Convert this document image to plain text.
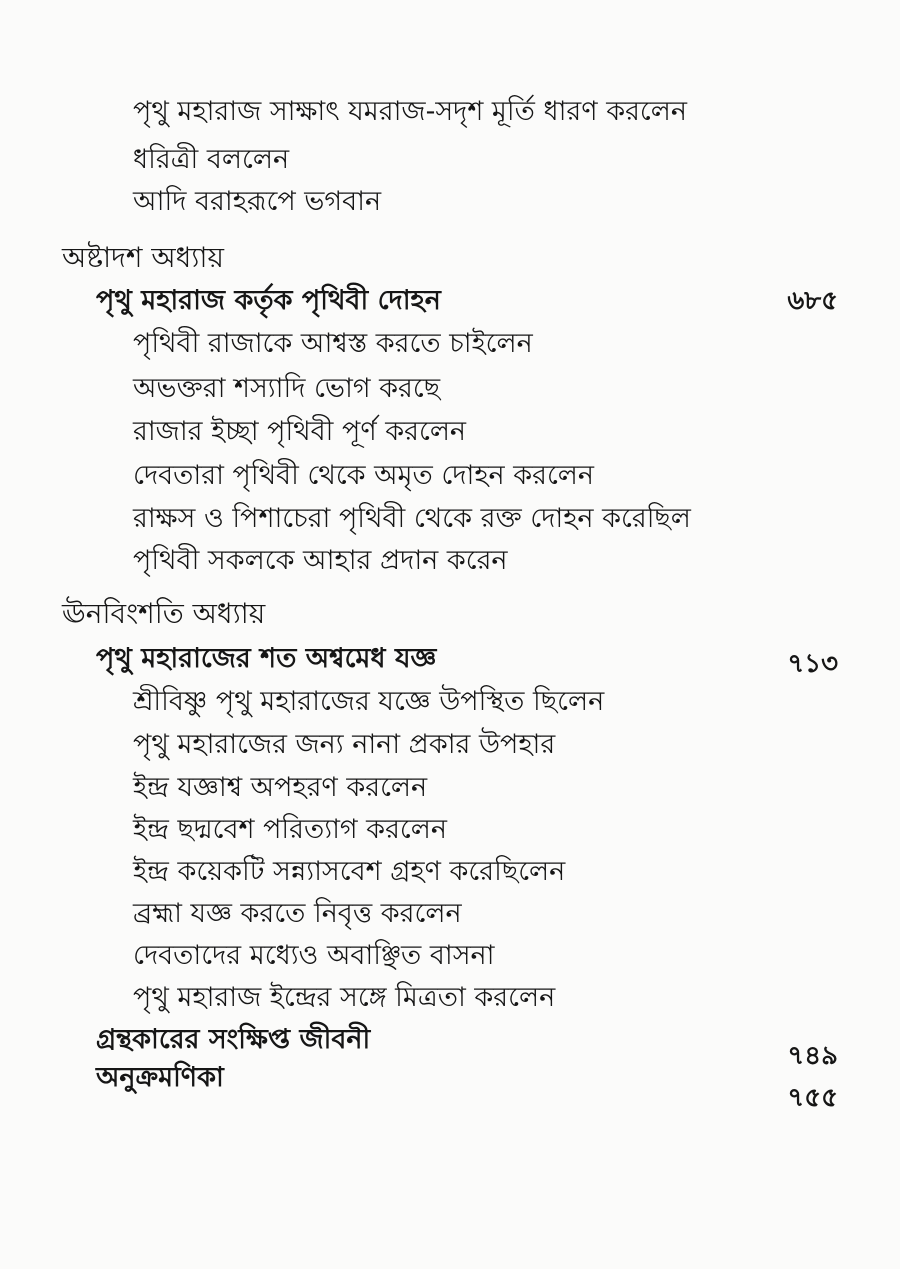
পৃথু মহারাজ সাক্ষাৎ যমরাজ-সদৃশ মূর্তি ধারণ করলেন
ধরিত্রী বললেন
আদি বরাহরূপে ভগবান
অষ্টাদশ অধ্যায়
পৃথু মহারাজ কর্তৃক পৃথিবী দোহন	৬৮৫
পৃথিবী রাজাকে আশ্বস্ত করতে চাইলেন
অভক্তরা শস্যাদি ভোগ করছে
রাজার ইচ্ছা পৃথিবী পূর্ণ করলেন
দেবতারা পৃথিবী থেকে অমৃত দোহন করলেন
রাক্ষস ও পিশাচেরা পৃথিবী থেকে রক্ত দোহন করেছিল
পৃথিবী সকলকে আহার প্রদান করেন
ঊনবিংশতি অধ্যায়
পৃথু মহারাজের শত অশ্বমেধ যজ্ঞ	৭১৩
শ্রীবিষ্ণু পৃথু মহারাজের যজ্ঞে উপস্থিত ছিলেন
পৃথু মহারাজের জন্য নানা প্রকার উপহার
ইন্দ্র যজ্ঞাশ্ব অপহরণ করলেন
ইন্দ্র ছদ্মবেশ পরিত্যাগ করলেন
ইন্দ্র কয়েকটি সন্ন্যাসবেশ গ্রহণ করেছিলেন
ব্রহ্মা যজ্ঞ করতে নিবৃত্ত করলেন
দেবতাদের মধ্যেও অবাঞ্ছিত বাসনা
পৃথু মহারাজ ইন্দ্রের সঙ্গে মিত্রতা করলেন
গ্রন্থকারের সংক্ষিপ্ত জীবনী
৭৪৯
অনুক্রমণিকা
৭৫৫
